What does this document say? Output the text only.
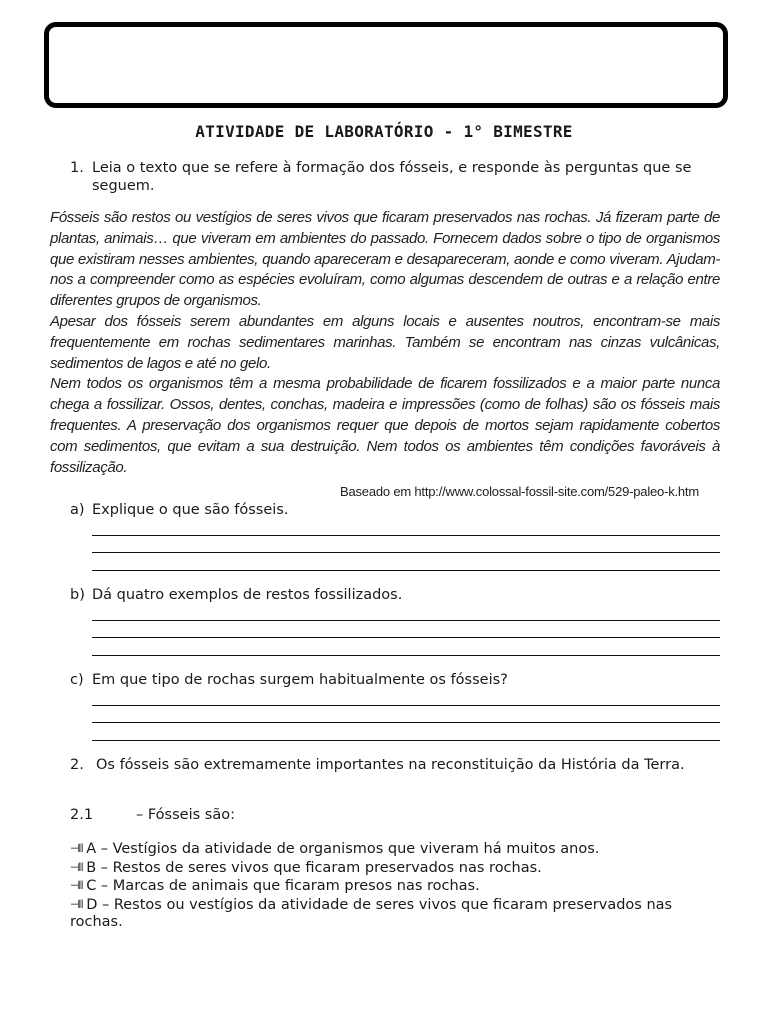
ATIVIDADE DE LABORATÓRIO - 1° BIMESTRE
1. Leia o texto que se refere à formação dos fósseis, e responde às perguntas que se seguem.

Fósseis são restos ou vestígios de seres vivos que ficaram preservados nas rochas. Já fizeram parte de plantas, animais… que viveram em ambientes do passado. Fornecem dados sobre o tipo de organismos que existiram nesses ambientes, quando apareceram e desapareceram, aonde e como viveram. Ajudam-nos a compreender como as espécies evoluíram, como algumas descendem de outras e a relação entre diferentes grupos de organismos.

Apesar dos fósseis serem abundantes em alguns locais e ausentes noutros, encontram-se mais frequentemente em rochas sedimentares marinhas. Também se encontram nas cinzas vulcânicas, sedimentos de lagos e até no gelo.

Nem todos os organismos têm a mesma probabilidade de ficarem fossilizados e a maior parte nunca chega a fossilizar. Ossos, dentes, conchas, madeira e impressões (como de folhas) são os fósseis mais frequentes. A preservação dos organismos requer que depois de mortos sejam rapidamente cobertos com sedimentos, que evitam a sua destruição. Nem todos os ambientes têm condições favoráveis à fossilização.

Baseado em http://www.colossal-fossil-site.com/529-paleo-k.htm
a) Explique o que são fósseis.
b) Dá quatro exemplos de restos fossilizados.
c) Em que tipo de rochas surgem habitualmente os fósseis?
2. Os fósseis são extremamente importantes na reconstituição da História da Terra.
2.1	– Fósseis são:
⊣⫴ A – Vestígios da atividade de organismos que viveram há muitos anos.
⊣⫴ B – Restos de seres vivos que ficaram preservados nas rochas.
⊣⫴ C – Marcas de animais que ficaram presos nas rochas.
⊣⫴ D – Restos ou vestígios da atividade de seres vivos que ficaram preservados nas rochas.
